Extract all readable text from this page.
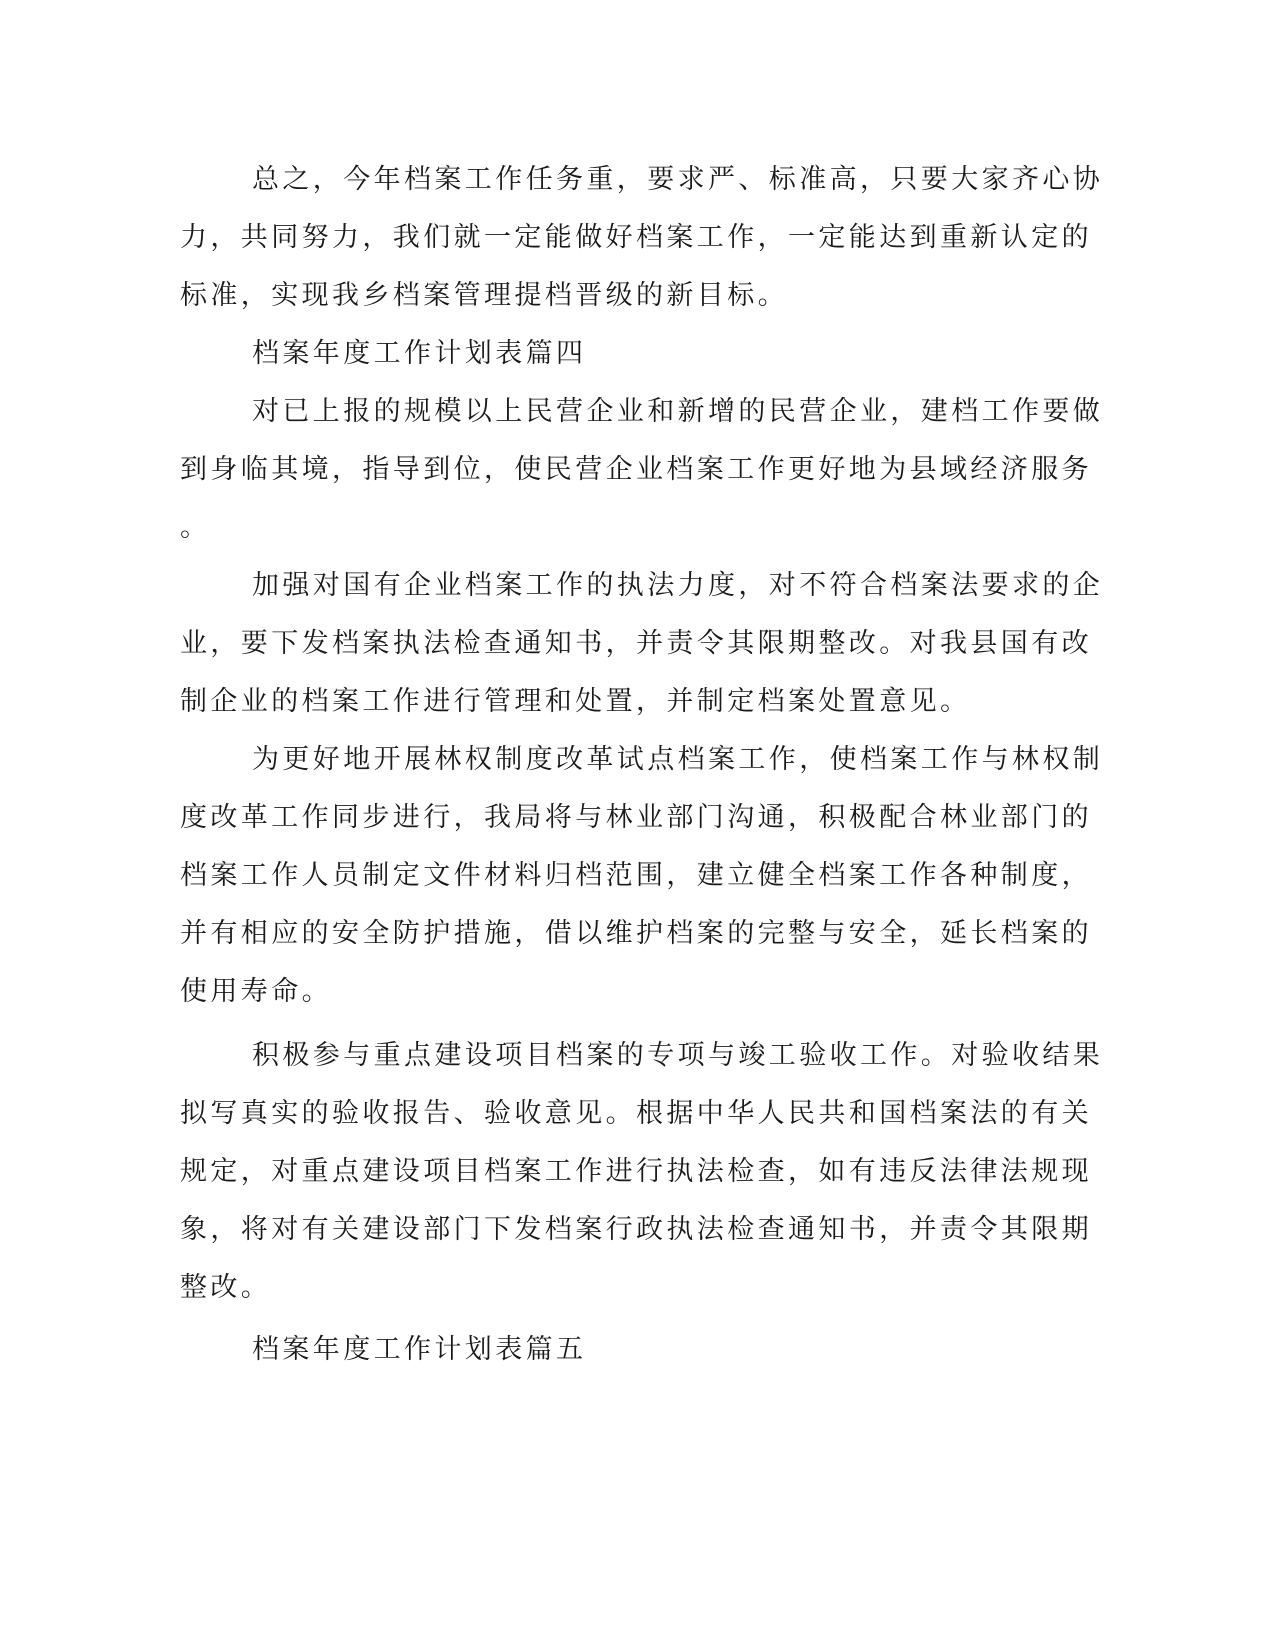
总之，今年档案工作任务重，要求严、标准高，只要大家齐心协
力，共同努力，我们就一定能做好档案工作，一定能达到重新认定的
标准，实现我乡档案管理提档晋级的新目标。
档案年度工作计划表篇四
对已上报的规模以上民营企业和新增的民营企业，建档工作要做
到身临其境，指导到位，使民营企业档案工作更好地为县域经济服务
。
加强对国有企业档案工作的执法力度，对不符合档案法要求的企
业，要下发档案执法检查通知书，并责令其限期整改。对我县国有改
制企业的档案工作进行管理和处置，并制定档案处置意见。
为更好地开展林权制度改革试点档案工作，使档案工作与林权制
度改革工作同步进行，我局将与林业部门沟通，积极配合林业部门的
档案工作人员制定文件材料归档范围，建立健全档案工作各种制度，
并有相应的安全防护措施，借以维护档案的完整与安全，延长档案的
使用寿命。
积极参与重点建设项目档案的专项与竣工验收工作。对验收结果
拟写真实的验收报告、验收意见。根据中华人民共和国档案法的有关
规定，对重点建设项目档案工作进行执法检查，如有违反法律法规现
象，将对有关建设部门下发档案行政执法检查通知书，并责令其限期
整改。
档案年度工作计划表篇五
